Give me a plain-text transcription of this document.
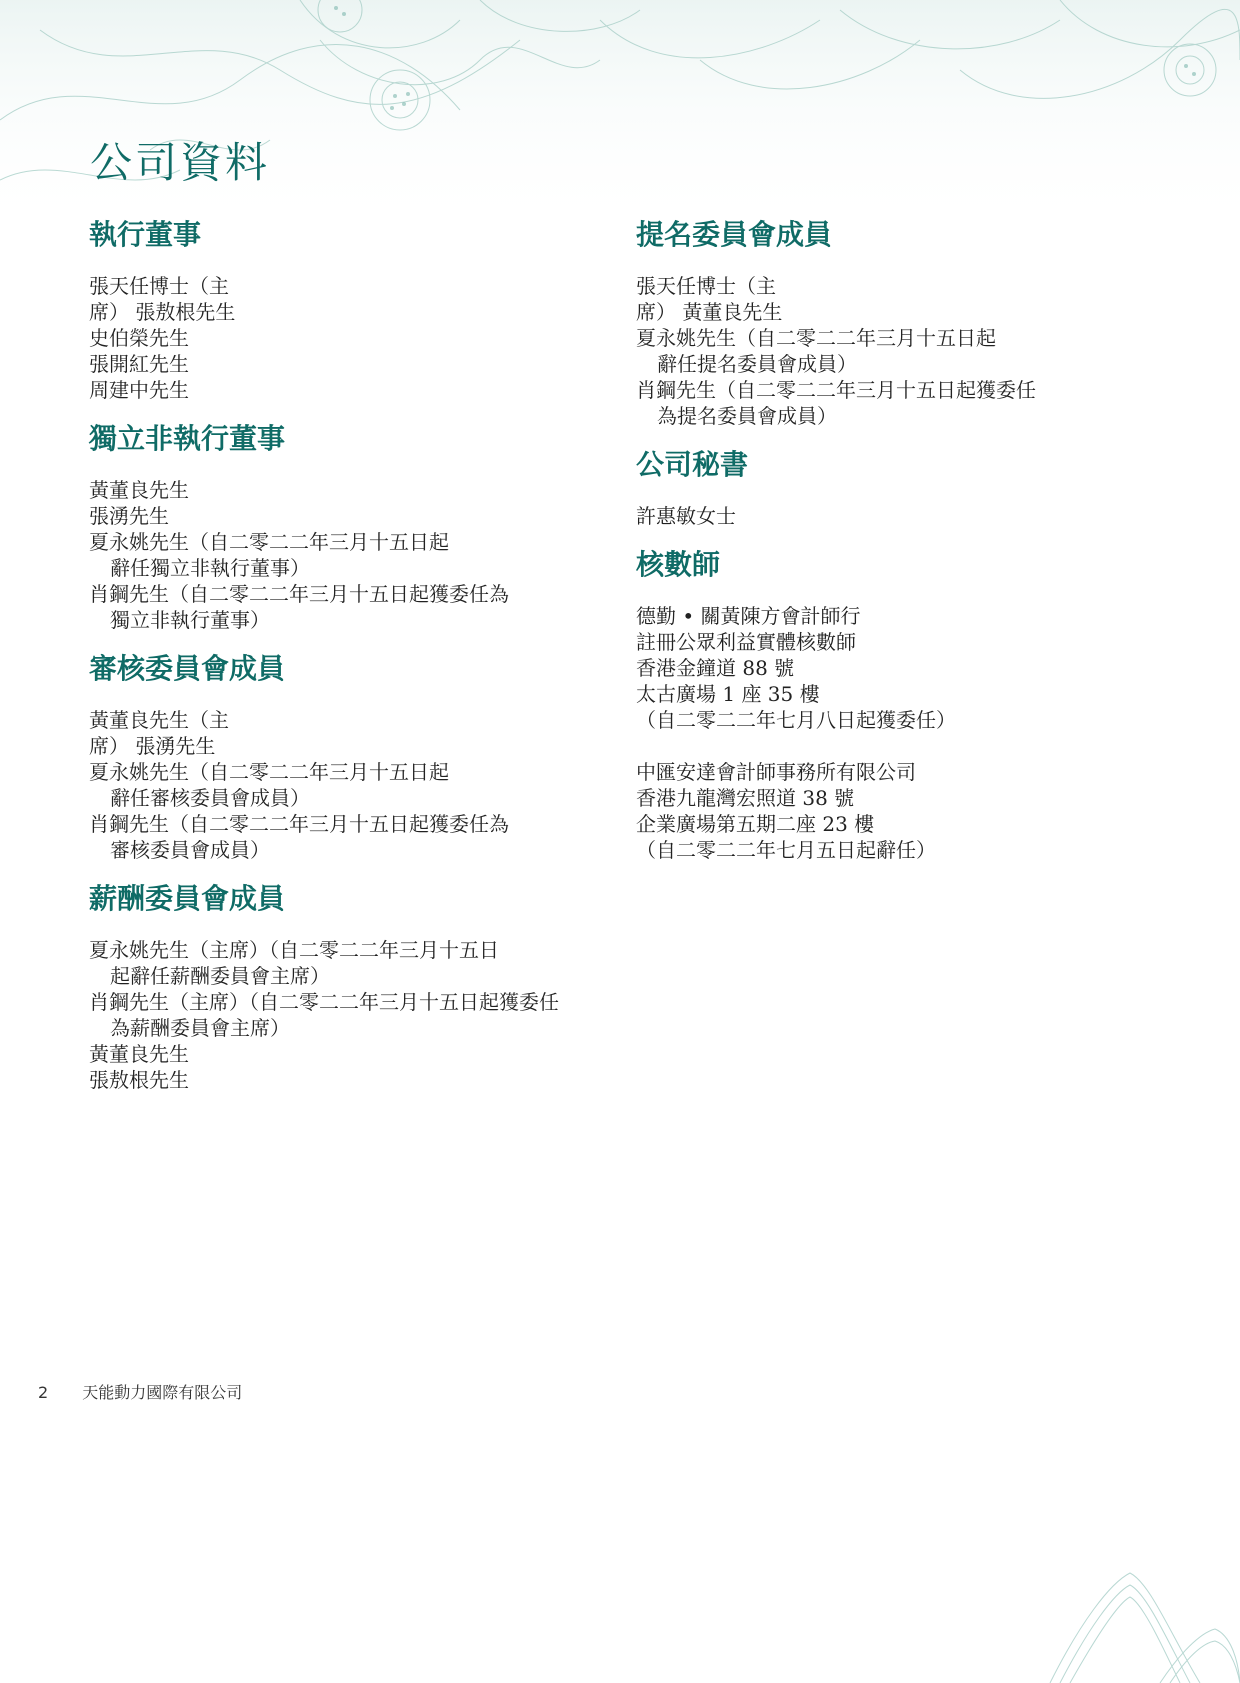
公司資料
執行董事
張天任博士（主
席） 張敖根先生
史伯榮先生
張開紅先生
周建中先生
獨立非執行董事
黃董良先生
張湧先生
夏永姚先生（自二零二二年三月十五日起
辭任獨立非執行董事）
肖鋼先生（自二零二二年三月十五日起獲委任為
獨立非執行董事）
審核委員會成員
黃董良先生（主
席） 張湧先生
夏永姚先生（自二零二二年三月十五日起
辭任審核委員會成員）
肖鋼先生（自二零二二年三月十五日起獲委任為
審核委員會成員）
薪酬委員會成員
夏永姚先生（主席）（自二零二二年三月十五日
起辭任薪酬委員會主席）
肖鋼先生（主席）（自二零二二年三月十五日起獲委任
為薪酬委員會主席）
黃董良先生
張敖根先生
提名委員會成員
張天任博士（主
席） 黃董良先生
夏永姚先生（自二零二二年三月十五日起
辭任提名委員會成員）
肖鋼先生（自二零二二年三月十五日起獲委任
為提名委員會成員）
公司秘書
許惠敏女士
核數師
德勤 • 關黃陳方會計師行
註冊公眾利益實體核數師
香港金鐘道 88 號
太古廣場 1 座 35 樓
（自二零二二年七月八日起獲委任）
中匯安達會計師事務所有限公司
香港九龍灣宏照道 38 號
企業廣場第五期二座 23 樓
（自二零二二年七月五日起辭任）
2 天能動力國際有限公司
